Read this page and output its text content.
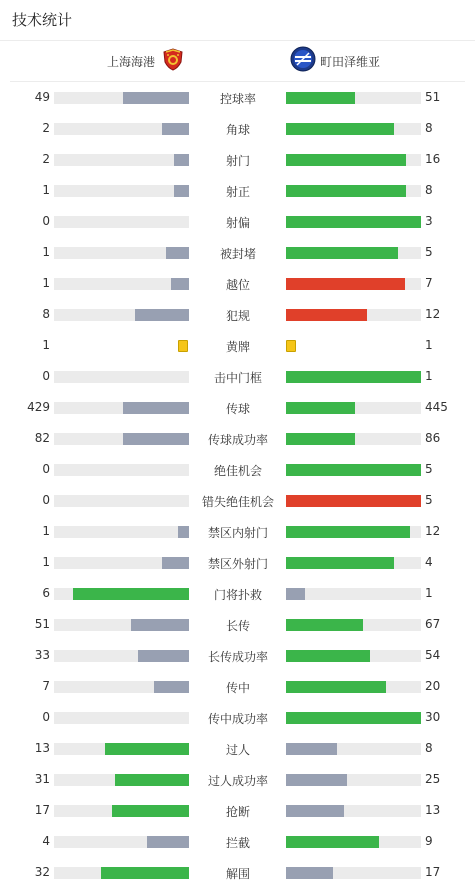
技术统计
上海海港	町田泽维亚
49	控球率	51
2	角球	8
2	射门	16
1	射正	8
0	射偏	3
1	被封堵	5
1	越位	7
8	犯规	12
1	黄牌	1
0	击中门框	1
429	传球	445
82	传球成功率	86
0	绝佳机会	5
0	错失绝佳机会	5
1	禁区内射门	12
1	禁区外射门	4
6	门将扑救	1
51	长传	67
33	长传成功率	54
7	传中	20
0	传中成功率	30
13	过人	8
31	过人成功率	25
17	抢断	13
4	拦截	9
32	解围	17
